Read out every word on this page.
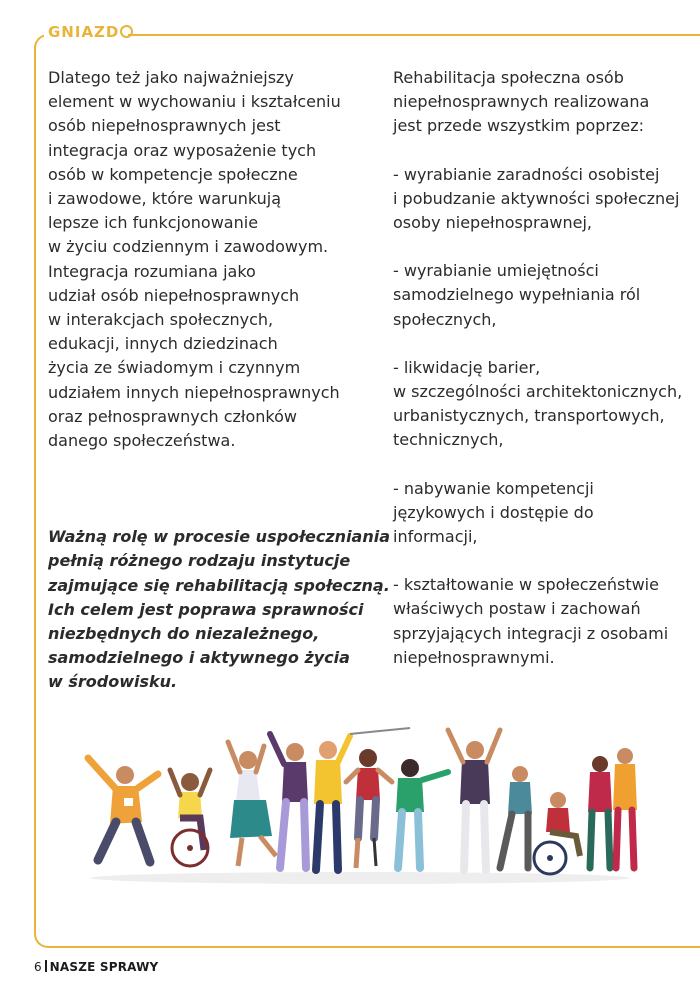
GNIAZD

Dlatego też jako najważniejszy
element w wychowaniu i kształceniu
osób niepełnosprawnych jest
integracja oraz wyposażenie tych
osób w kompetencje społeczne
i zawodowe, które warunkują
lepsze ich funkcjonowanie
w życiu codziennym i zawodowym.
Integracja rozumiana jako
udział osób niepełnosprawnych
w interakcjach społecznych,
edukacji, innych dziedzinach
życia ze świadomym i czynnym
udziałem innych niepełnosprawnych
oraz pełnosprawnych członków
danego społeczeństwa.

Ważną rolę w procesie uspołeczniania
pełnią różnego rodzaju instytucje
zajmujące się rehabilitacją społeczną.
Ich celem jest poprawa sprawności
niezbędnych do niezależnego,
samodzielnego i aktywnego życia
w środowisku.

Rehabilitacja społeczna osób
niepełnosprawnych realizowana
jest przede wszystkim poprzez:

- wyrabianie zaradności osobistej
i pobudzanie aktywności społecznej
osoby niepełnosprawnej,

- wyrabianie umiejętności
samodzielnego wypełniania ról
społecznych,

- likwidację barier,
w szczególności architektonicznych,
urbanistycznych, transportowych,
technicznych,

- nabywanie kompetencji
językowych i dostępie do
informacji,

- kształtowanie w społeczeństwie
właściwych postaw i zachowań
sprzyjających integracji z osobami
niepełnosprawnymi.

6 NASZE SPRAWY
